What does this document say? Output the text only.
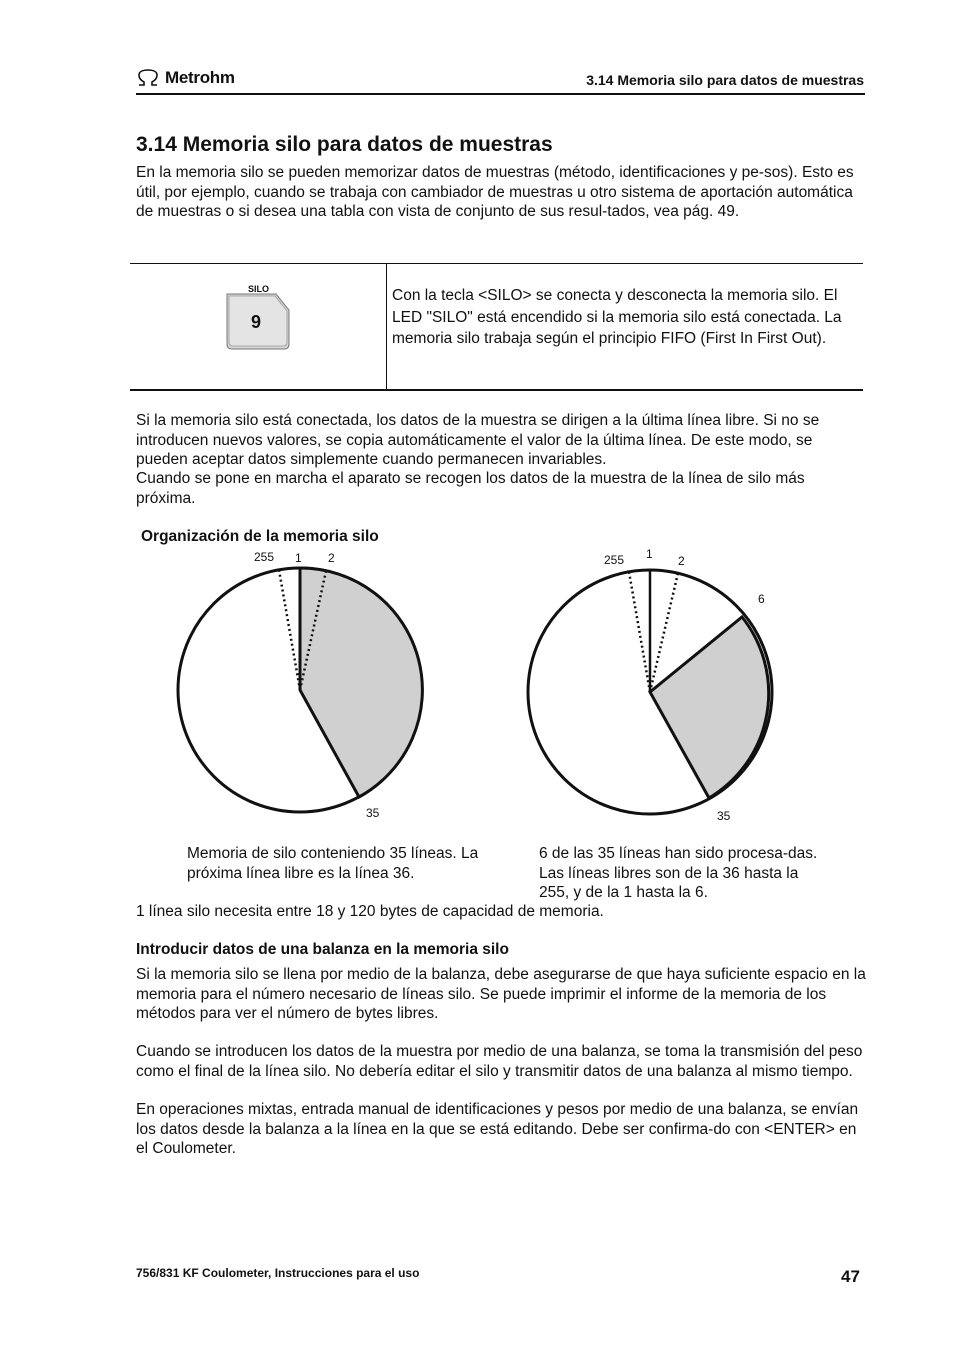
Metrohm	3.14 Memoria silo para datos de muestras
3.14 Memoria silo para datos de muestras

En la memoria silo se pueden memorizar datos de muestras (método, identificaciones y pe-sos). Esto es útil, por ejemplo, cuando se trabaja con cambiador de muestras u otro sistema de aportación automática de muestras o si desea una tabla con vista de conjunto de sus resul-tados, vea pág. 49.

SILO
9
Con la tecla <SILO> se conecta y desconecta la memoria silo. El LED "SILO" está encendido si la memoria silo está conectada. La memoria silo trabaja según el principio FIFO (First In First Out).

Si la memoria silo está conectada, los datos de la muestra se dirigen a la última línea libre. Si no se introducen nuevos valores, se copia automáticamente el valor de la última línea. De este modo, se pueden aceptar datos simplemente cuando permanecen invariables.

Cuando se pone en marcha el aparato se recogen los datos de la muestra de la línea de silo más próxima.

Organización de la memoria silo
255 1 2
35
255 1 2
6
35
Memoria de silo conteniendo 35 líneas. La próxima línea libre es la línea 36.
6 de las 35 líneas han sido procesa-das. Las líneas libres son de la 36 hasta la 255, y de la 1 hasta la 6.

1 línea silo necesita entre 18 y 120 bytes de capacidad de memoria.

Introducir datos de una balanza en la memoria silo

Si la memoria silo se llena por medio de la balanza, debe asegurarse de que haya suficiente espacio en la memoria para el número necesario de líneas silo. Se puede imprimir el informe de la memoria de los métodos para ver el número de bytes libres.

Cuando se introducen los datos de la muestra por medio de una balanza, se toma la transmisión del peso como el final de la línea silo. No debería editar el silo y transmitir datos de una balanza al mismo tiempo.

En operaciones mixtas, entrada manual de identificaciones y pesos por medio de una balanza, se envían los datos desde la balanza a la línea en la que se está editando. Debe ser confirma-do con <ENTER> en el Coulometer.

756/831 KF Coulometer, Instrucciones para el uso	47
